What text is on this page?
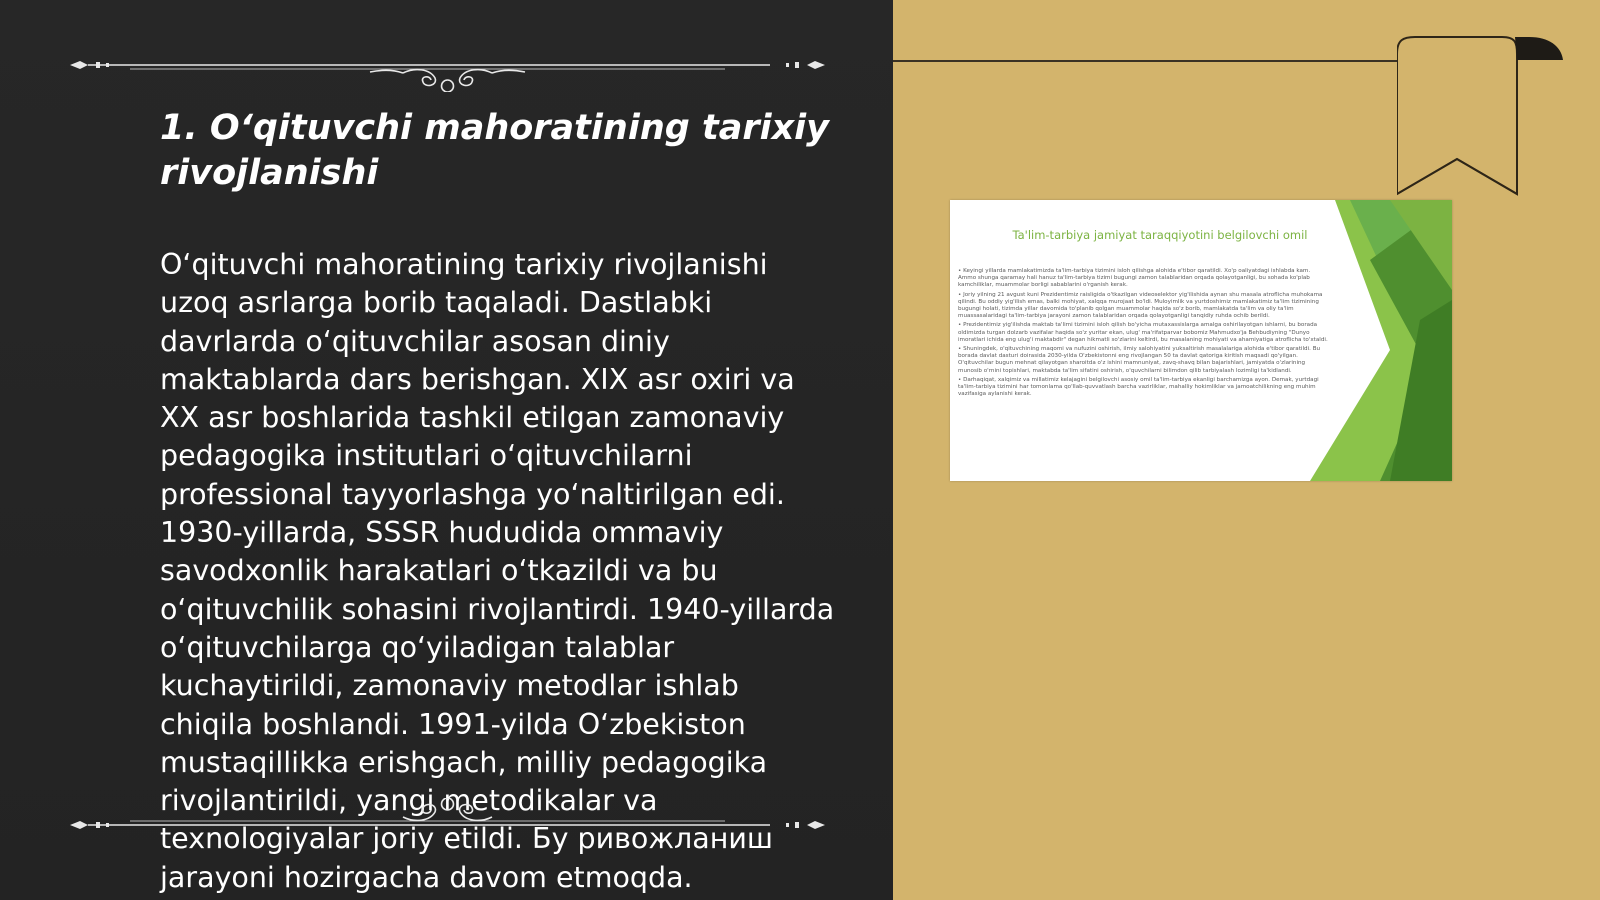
1. O‘qituvchi mahoratining tarixiy rivojlanishi

O‘qituvchi mahoratining tarixiy rivojlanishi uzoq asrlarga borib taqaladi. Dastlabki davrlarda o‘qituvchilar asosan diniy maktablarda dars berishgan. XIX asr oxiri va XX asr boshlarida tashkil etilgan zamonaviy pedagogika institutlari o‘qituvchilarni professional tayyorlashga yo‘naltirilgan edi. 1930-yillarda, SSSR hududida ommaviy savodxonlik harakatlari o‘tkazildi va bu o‘qituvchilik sohasini rivojlantirdi. 1940-yillarda o‘qituvchilarga qo‘yiladigan talablar kuchaytirildi, zamonaviy metodlar ishlab chiqila boshlandi. 1991-yilda O‘zbekiston mustaqillikka erishgach, milliy pedagogika rivojlantirildi, yangi metodikalar va texnologiyalar joriy etildi. Бу ривожланиш jarayoni hozirgacha davom etmoqda.

Ta'lim-tarbiya jamiyat taraqqiyotini belgilovchi omil

• Keyingi yillarda mamlakatimizda ta'lim-tarbiya tizimini isloh qilishga alohida e'tibor qaratildi. Xo'p oaliyatdagi ishlabda kam. Ammo shunga qaramay hali hanuz ta'lim-tarbiya tizimi bugungi zamon talablaridan orqada qolayotganligi, bu sohada ko'plab kamchiliklar, muammolar borligi sabablarini o'rganish kerak.

• Joriy yilning 21 avgust kuni Prezidentimiz raisligida o'tkazilgan videoselektor yig'ilishida aynan shu masala atroflicha muhokama qilindi. Bu oddiy yig'ilish emas, balki mohiyat, xalqqa murojaat bo'ldi. Muloyimlik va yurtdoshimiz mamlakatimiz ta'lim tizimining bugungi holati, tizimda yillar davomida to'planib qolgan muammolar haqida so'z borib, mamlakatda ta'lim va oliy ta'lim muassasalaridagi ta'lim-tarbiya jarayoni zamon talablaridan orqada qolayotganligi tanqidiy ruhda ochib berildi.

• Prezidentimiz yig'ilishda maktab ta'limi tizimini isloh qilish bo'yicha mutaxassislarga amalga oshirilayotgan ishlarni, bu borada oldimizda turgan dolzarb vazifalar haqida so'z yuritar ekan, ulug' ma'rifatparvar bobomiz Mahmudxo'ja Behbudiyning "Dunyo imoratlari ichida eng ulug'i maktabdir" degan hikmatli so'zlarini keltirdi, bu masalaning mohiyati va ahamiyatiga atroflicha to'xtaldi.

• Shuningdek, o'qituvchining maqomi va nufuzini oshirish, ilmiy salohiyatini yuksaltirish masalalariga alohida e'tibor qaratildi. Bu borada davlat dasturi doirasida 2030-yilda O'zbekistonni eng rivojlangan 50 ta davlat qatoriga kiritish maqsadi qo'yilgan. O'qituvchilar bugun mehnat qilayotgan sharoitda o'z ishini mamnuniyat, zavq-shavq bilan bajarishlari, jamiyatda o'zlarining munosib o'rnini topishlari, maktabda ta'lim sifatini oshirish, o'quvchilarni bilimdon qilib tarbiyalash lozimligi ta'kidlandi.

• Darhaqiqat, xalqimiz va millatimiz kelajagini belgilovchi asosiy omil ta'lim-tarbiya ekanligi barchamizga ayon. Demak, yurtdagi ta'lim-tarbiya tizimini har tomonlama qo'llab-quvvatlash barcha vazirliklar, mahalliy hokimliklar va jamoatchilikning eng muhim vazifasiga aylanishi kerak.
